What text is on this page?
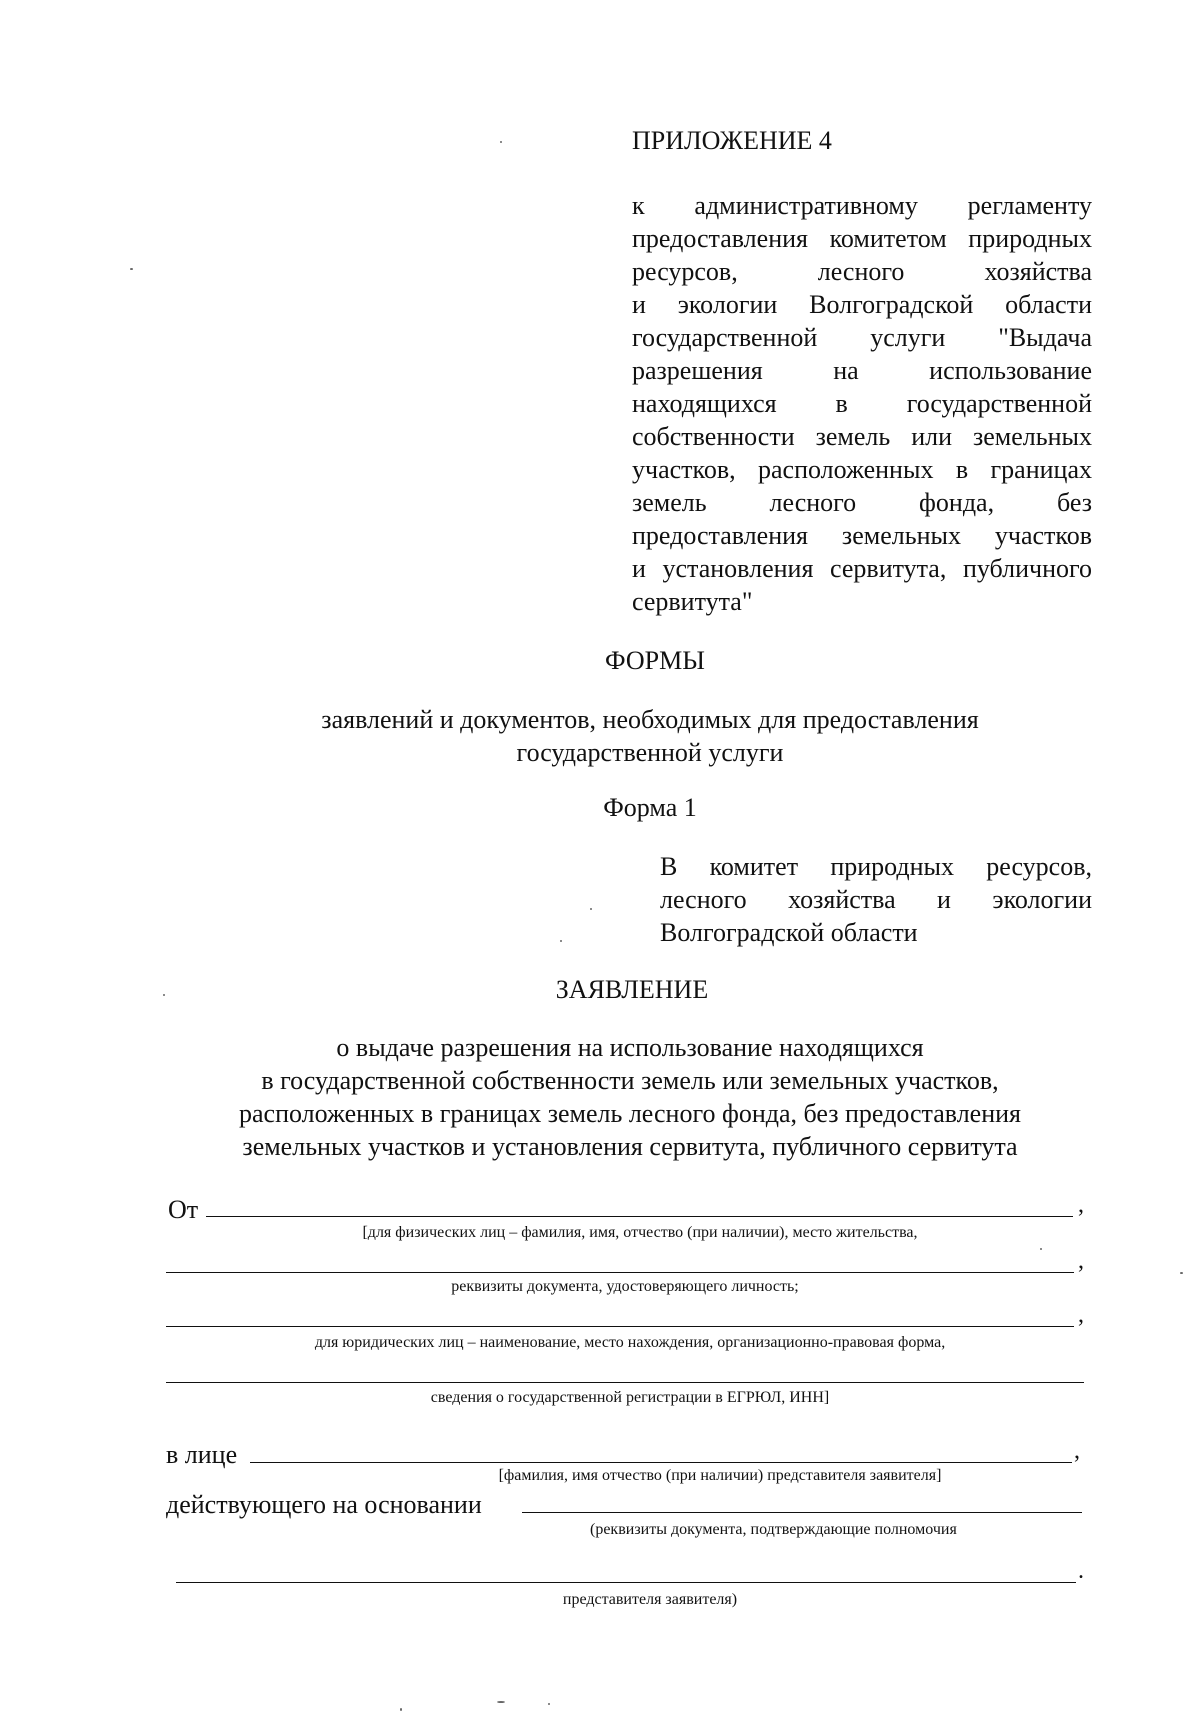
ПРИЛОЖЕНИЕ 4
к административному регламенту
предоставления комитетом природных
ресурсов, лесного хозяйства
и экологии Волгоградской области
государственной услуги "Выдача
разрешения на использование
находящихся в государственной
собственности земель или земельных
участков, расположенных в границах
земель лесного фонда, без
предоставления земельных участков
и установления сервитута, публичного
сервитута"
ФОРМЫ
заявлений и документов, необходимых для предоставления
государственной услуги
Форма 1
В комитет природных ресурсов,
лесного хозяйства и экологии
Волгоградской области
ЗАЯВЛЕНИЕ
о выдаче разрешения на использование находящихся
в государственной собственности земель или земельных участков,
расположенных в границах земель лесного фонда, без предоставления
земельных участков и установления сервитута, публичного сервитута
От	,
[для физических лиц – фамилия, имя, отчество (при наличии), место жительства,
,
реквизиты документа, удостоверяющего личность;
,
для юридических лиц – наименование, место нахождения, организационно-правовая форма,
сведения о государственной регистрации в ЕГРЮЛ, ИНН]
в лице	,
[фамилия, имя отчество (при наличии) представителя заявителя]
действующего на основании
(реквизиты документа, подтверждающие полномочия
.
представителя заявителя)
